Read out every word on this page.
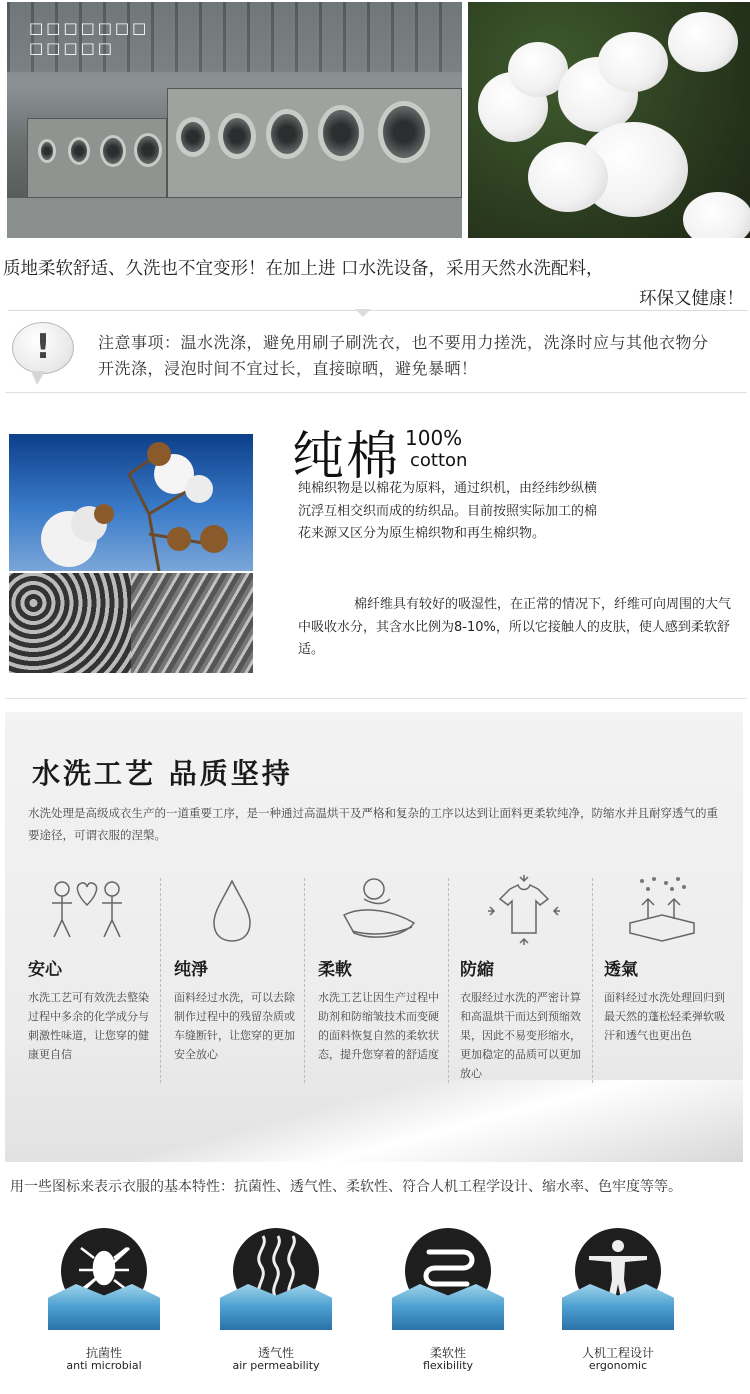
□□□□□□□
□□□□□
质地柔软舒适、久洗也不宜变形！在加上进 口水洗设备，采用天然水洗配料，
环保又健康！
!	注意事项：温水洗涤，避免用刷子刷洗衣，也不要用力搓洗，洗涤时应与其他衣物分开洗涤，浸泡时间不宜过长，直接晾晒，避免暴晒！
纯棉 100%
cotton
纯棉织物是以棉花为原料，通过织机，由经纬纱纵横沉浮互相交织而成的纺织品。目前按照实际加工的棉花来源又区分为原生棉织物和再生棉织物。
棉纤维具有较好的吸湿性，在正常的情况下，纤维可向周围的大气中吸收水分，其含水比例为8-10%，所以它接触人的皮肤，使人感到柔软舒适。
水洗工艺 品质坚持
水洗处理是高级成衣生产的一道重要工序，是一种通过高温烘干及严格和复杂的工序以达到让面料更柔软纯净，防缩水并且耐穿透气的重要途径，可谓衣服的涅槃。
安心
水洗工艺可有效洗去整染过程中多余的化学成分与刺激性味道，让您穿的健康更自信
纯淨
面料经过水洗，可以去除制作过程中的残留杂质或车缝断针，让您穿的更加安全放心
柔軟
水洗工艺让因生产过程中助剂和防缩皱技术而变硬的面料恢复自然的柔软状态，提升您穿着的舒适度
防縮
衣服经过水洗的严密计算和高温烘干而达到预缩效果，因此不易变形缩水，更加稳定的品质可以更加放心
透氣
面料经过水洗处理回归到最天然的蓬松轻柔弹软吸汗和透气也更出色
用一些图标来表示衣服的基本特性：抗菌性、透气性、柔软性、符合人机工程学设计、缩水率、色牢度等等。
抗菌性
anti microbial
透气性
air permeability
柔软性
flexibility
人机工程设计
ergonomic
